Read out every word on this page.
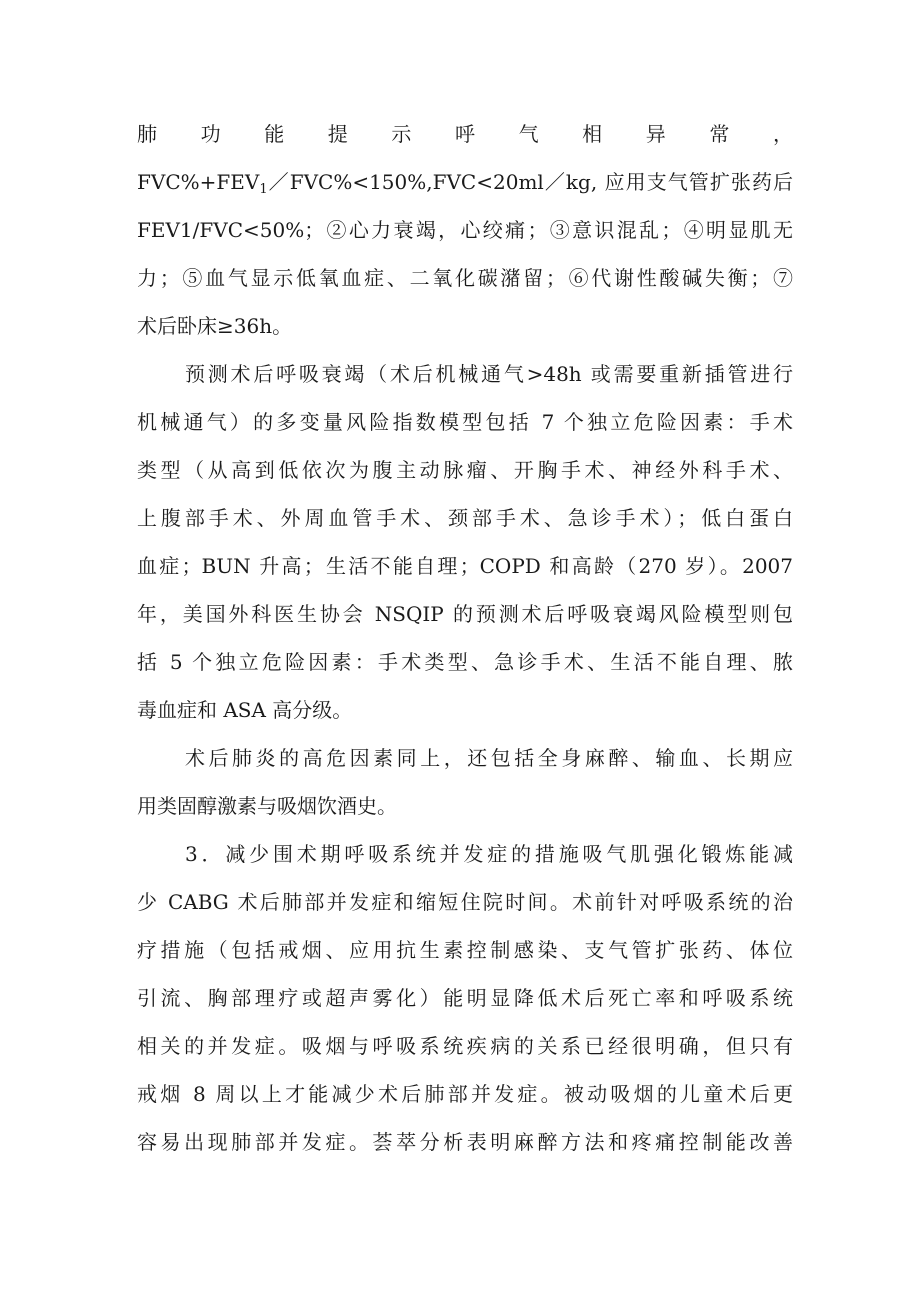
肺 功 能 提 示 呼 气 相 异 常 ，
$FVC\%+FEV_1/FVC\%<150\%,FVC<20ml/kg$, 应用支气管扩张药后
FEV1/FVC<50%；②心力衰竭，心绞痛；③意识混乱；④明显肌无
力；⑤血气显示低氧血症、二氧化碳潴留；⑥代谢性酸碱失衡；⑦
术后卧床≥36h。
预测术后呼吸衰竭（术后机械通气>48h 或需要重新插管进行
机械通气）的多变量风险指数模型包括 7 个独立危险因素：手术
类型（从高到低依次为腹主动脉瘤、开胸手术、神经外科手术、
上腹部手术、外周血管手术、颈部手术、急诊手术）；低白蛋白
血症；BUN 升高；生活不能自理；COPD 和高龄（270 岁）。2007
年，美国外科医生协会 NSQIP 的预测术后呼吸衰竭风险模型则包
括 5 个独立危险因素：手术类型、急诊手术、生活不能自理、脓
毒血症和 ASA 高分级。
术后肺炎的高危因素同上，还包括全身麻醉、输血、长期应
用类固醇激素与吸烟饮酒史。
3．减少围术期呼吸系统并发症的措施吸气肌强化锻炼能减
少 CABG 术后肺部并发症和缩短住院时间。术前针对呼吸系统的治
疗措施（包括戒烟、应用抗生素控制感染、支气管扩张药、体位
引流、胸部理疗或超声雾化）能明显降低术后死亡率和呼吸系统
相关的并发症。吸烟与呼吸系统疾病的关系已经很明确，但只有
戒烟 8 周以上才能减少术后肺部并发症。被动吸烟的儿童术后更
容易出现肺部并发症。荟萃分析表明麻醉方法和疼痛控制能改善
